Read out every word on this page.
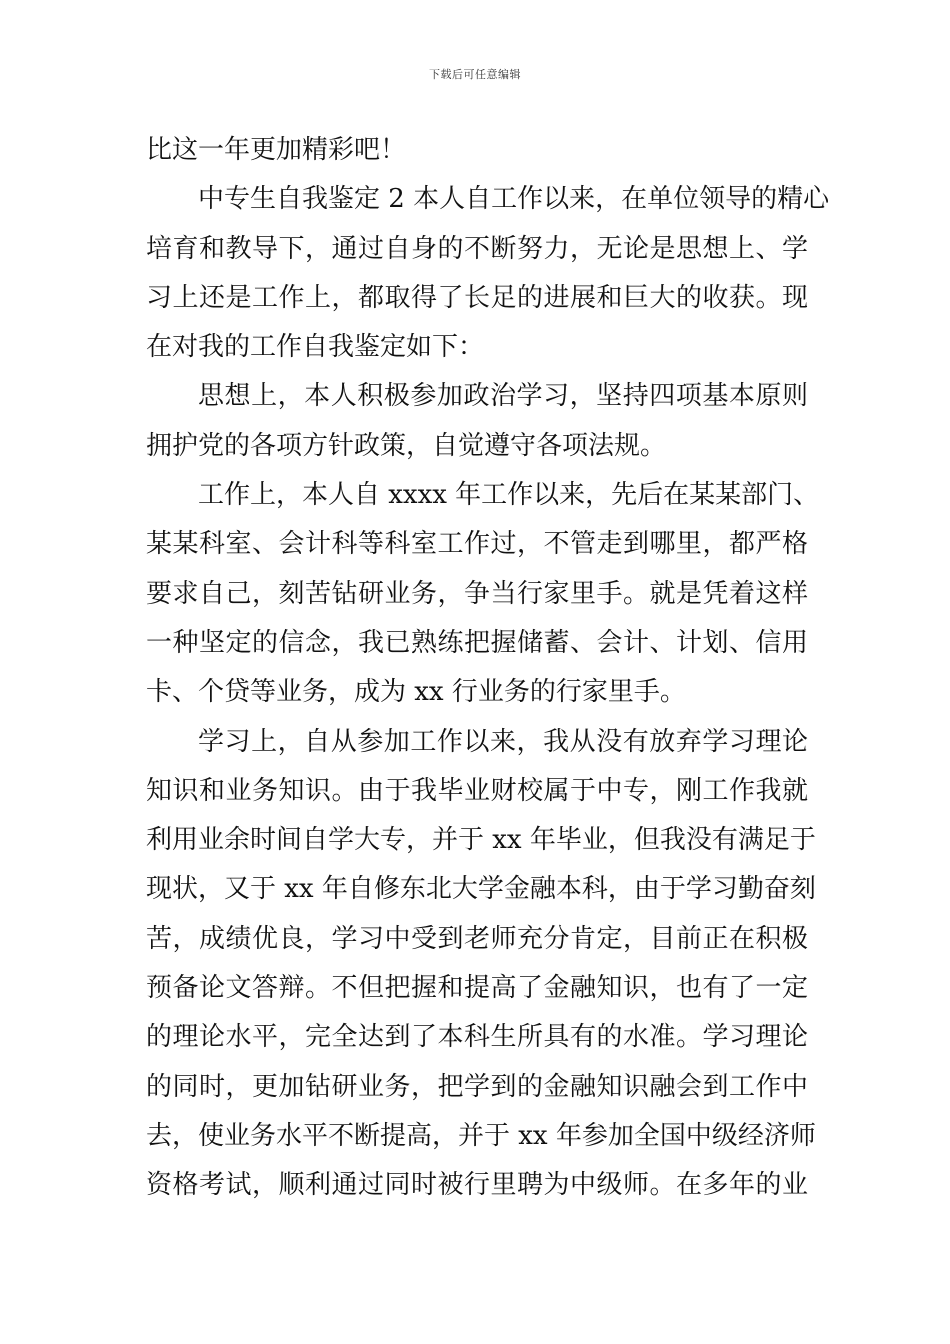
下载后可任意编辑
比这一年更加精彩吧！
中专生自我鉴定 2 本人自工作以来，在单位领导的精心
培育和教导下，通过自身的不断努力，无论是思想上、学
习上还是工作上，都取得了长足的进展和巨大的收获。现
在对我的工作自我鉴定如下：
思想上，本人积极参加政治学习，坚持四项基本原则
拥护党的各项方针政策，自觉遵守各项法规。
工作上，本人自 xxxx 年工作以来，先后在某某部门、
某某科室、会计科等科室工作过，不管走到哪里，都严格
要求自己，刻苦钻研业务，争当行家里手。就是凭着这样
一种坚定的信念，我已熟练把握储蓄、会计、计划、信用
卡、个贷等业务，成为 xx 行业务的行家里手。
学习上，自从参加工作以来，我从没有放弃学习理论
知识和业务知识。由于我毕业财校属于中专，刚工作我就
利用业余时间自学大专，并于 xx 年毕业，但我没有满足于
现状，又于 xx 年自修东北大学金融本科，由于学习勤奋刻
苦，成绩优良，学习中受到老师充分肯定，目前正在积极
预备论文答辩。不但把握和提高了金融知识，也有了一定
的理论水平，完全达到了本科生所具有的水准。学习理论
的同时，更加钻研业务，把学到的金融知识融会到工作中
去，使业务水平不断提高，并于 xx 年参加全国中级经济师
资格考试，顺利通过同时被行里聘为中级师。在多年的业
